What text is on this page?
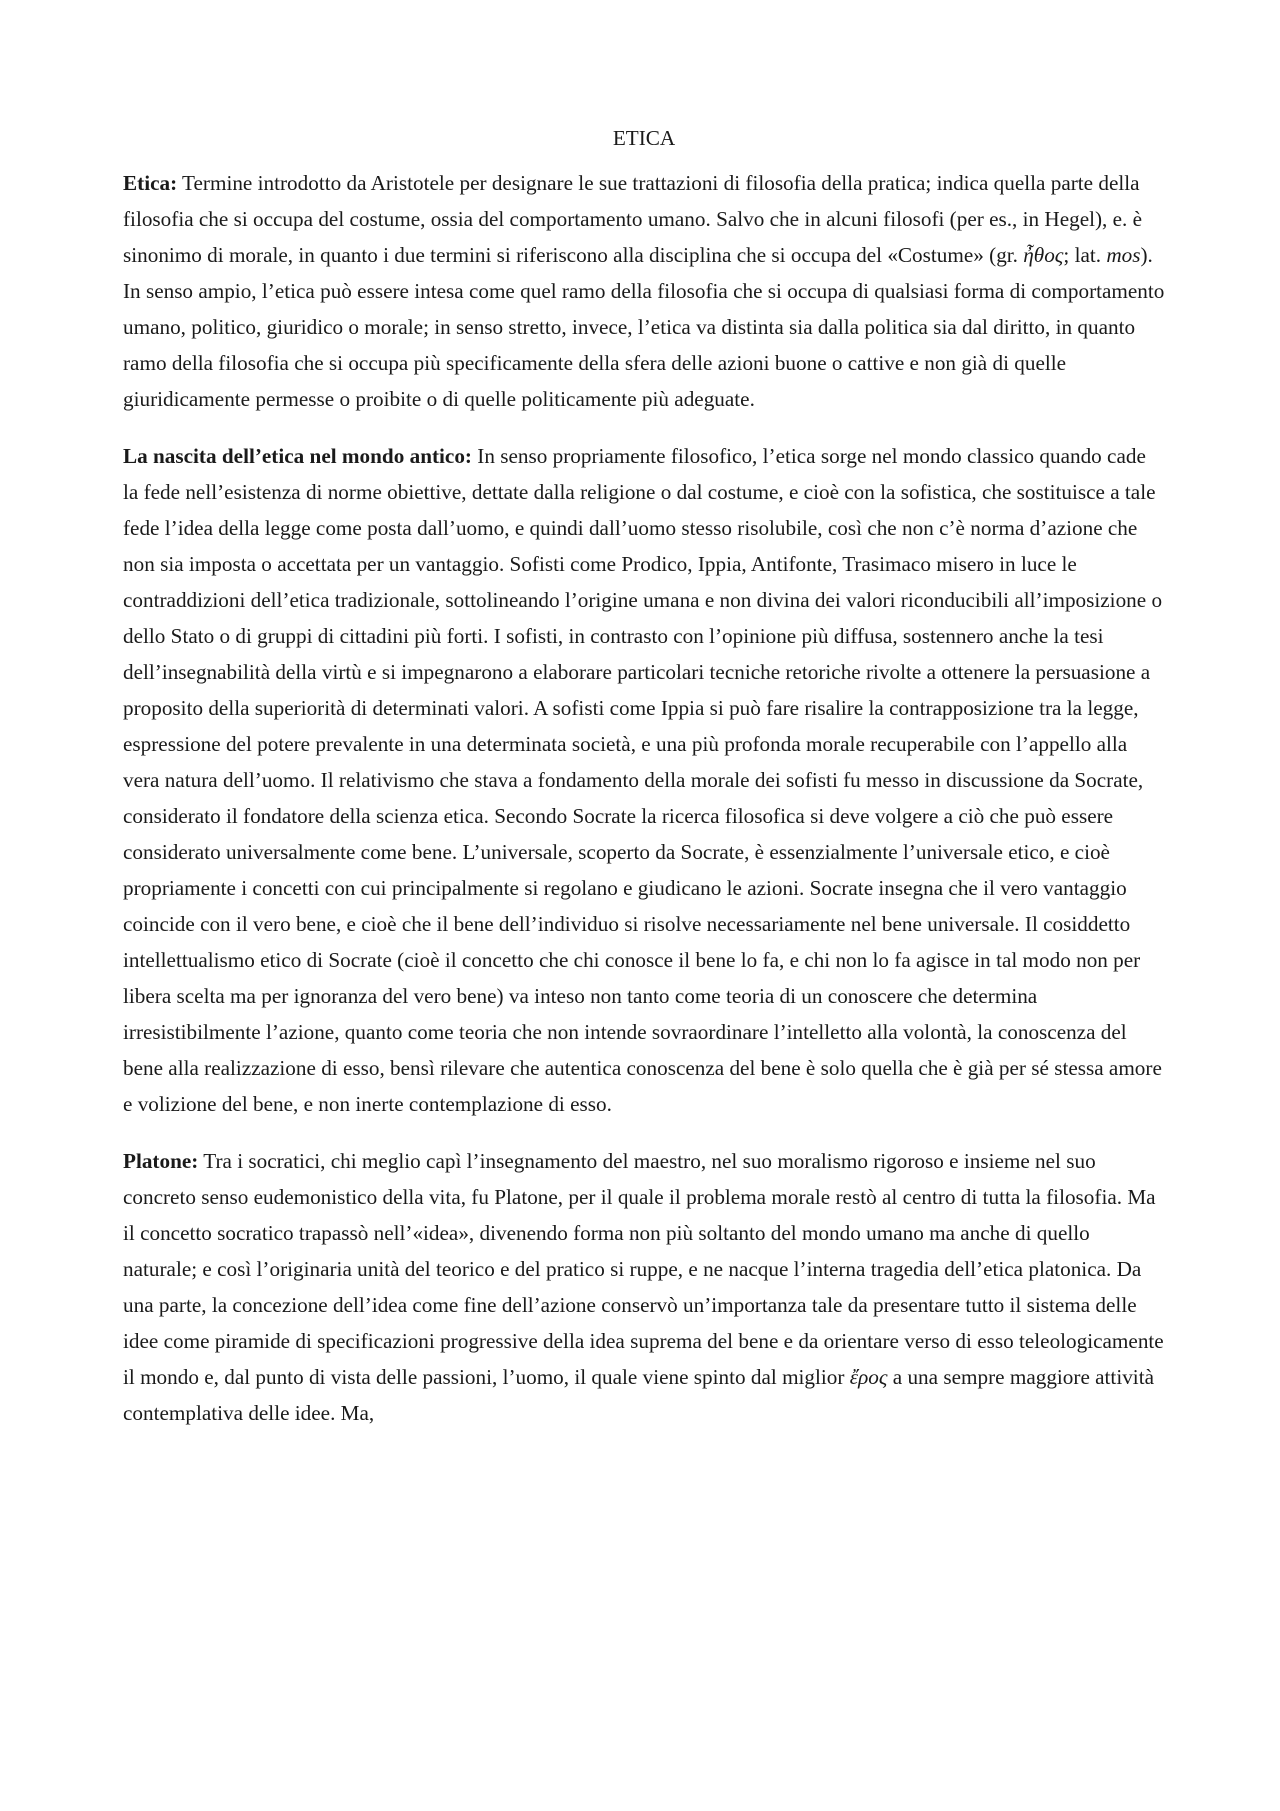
ETICA

Etica: Termine introdotto da Aristotele per designare le sue trattazioni di filosofia della pratica; indica quella parte della filosofia che si occupa del costume, ossia del comportamento umano. Salvo che in alcuni filosofi (per es., in Hegel), e. è sinonimo di morale, in quanto i due termini si riferiscono alla disciplina che si occupa del «Costume» (gr. ἦθος; lat. mos). In senso ampio, l’etica può essere intesa come quel ramo della filosofia che si occupa di qualsiasi forma di comportamento umano, politico, giuridico o morale; in senso stretto, invece, l’etica va distinta sia dalla politica sia dal diritto, in quanto ramo della filosofia che si occupa più specificamente della sfera delle azioni buone o cattive e non già di quelle giuridicamente permesse o proibite o di quelle politicamente più adeguate.

La nascita dell’etica nel mondo antico: In senso propriamente filosofico, l’etica sorge nel mondo classico quando cade la fede nell’esistenza di norme obiettive, dettate dalla religione o dal costume, e cioè con la sofistica, che sostituisce a tale fede l’idea della legge come posta dall’uomo, e quindi dall’uomo stesso risolubile, così che non c’è norma d’azione che non sia imposta o accettata per un vantaggio. Sofisti come Prodico, Ippia, Antifonte, Trasimaco misero in luce le contraddizioni dell’etica tradizionale, sottolineando l’origine umana e non divina dei valori riconducibili all’imposizione o dello Stato o di gruppi di cittadini più forti. I sofisti, in contrasto con l’opinione più diffusa, sostennero anche la tesi dell’insegnabilità della virtù e si impegnarono a elaborare particolari tecniche retoriche rivolte a ottenere la persuasione a proposito della superiorità di determinati valori. A sofisti come Ippia si può fare risalire la contrapposizione tra la legge, espressione del potere prevalente in una determinata società, e una più profonda morale recuperabile con l’appello alla vera natura dell’uomo. Il relativismo che stava a fondamento della morale dei sofisti fu messo in discussione da Socrate, considerato il fondatore della scienza etica. Secondo Socrate la ricerca filosofica si deve volgere a ciò che può essere considerato universalmente come bene. L’universale, scoperto da Socrate, è essenzialmente l’universale etico, e cioè propriamente i concetti con cui principalmente si regolano e giudicano le azioni. Socrate insegna che il vero vantaggio coincide con il vero bene, e cioè che il bene dell’individuo si risolve necessariamente nel bene universale. Il cosiddetto intellettualismo etico di Socrate (cioè il concetto che chi conosce il bene lo fa, e chi non lo fa agisce in tal modo non per libera scelta ma per ignoranza del vero bene) va inteso non tanto come teoria di un conoscere che determina irresistibilmente l’azione, quanto come teoria che non intende sovraordinare l’intelletto alla volontà, la conoscenza del bene alla realizzazione di esso, bensì rilevare che autentica conoscenza del bene è solo quella che è già per sé stessa amore e volizione del bene, e non inerte contemplazione di esso.

Platone: Tra i socratici, chi meglio capì l’insegnamento del maestro, nel suo moralismo rigoroso e insieme nel suo concreto senso eudemonistico della vita, fu Platone, per il quale il problema morale restò al centro di tutta la filosofia. Ma il concetto socratico trapassò nell’«idea», divenendo forma non più soltanto del mondo umano ma anche di quello naturale; e così l’originaria unità del teorico e del pratico si ruppe, e ne nacque l’interna tragedia dell’etica platonica. Da una parte, la concezione dell’idea come fine dell’azione conservò un’importanza tale da presentare tutto il sistema delle idee come piramide di specificazioni progressive della idea suprema del bene e da orientare verso di esso teleologicamente il mondo e, dal punto di vista delle passioni, l’uomo, il quale viene spinto dal miglior ἔρος a una sempre maggiore attività contemplativa delle idee. Ma,
